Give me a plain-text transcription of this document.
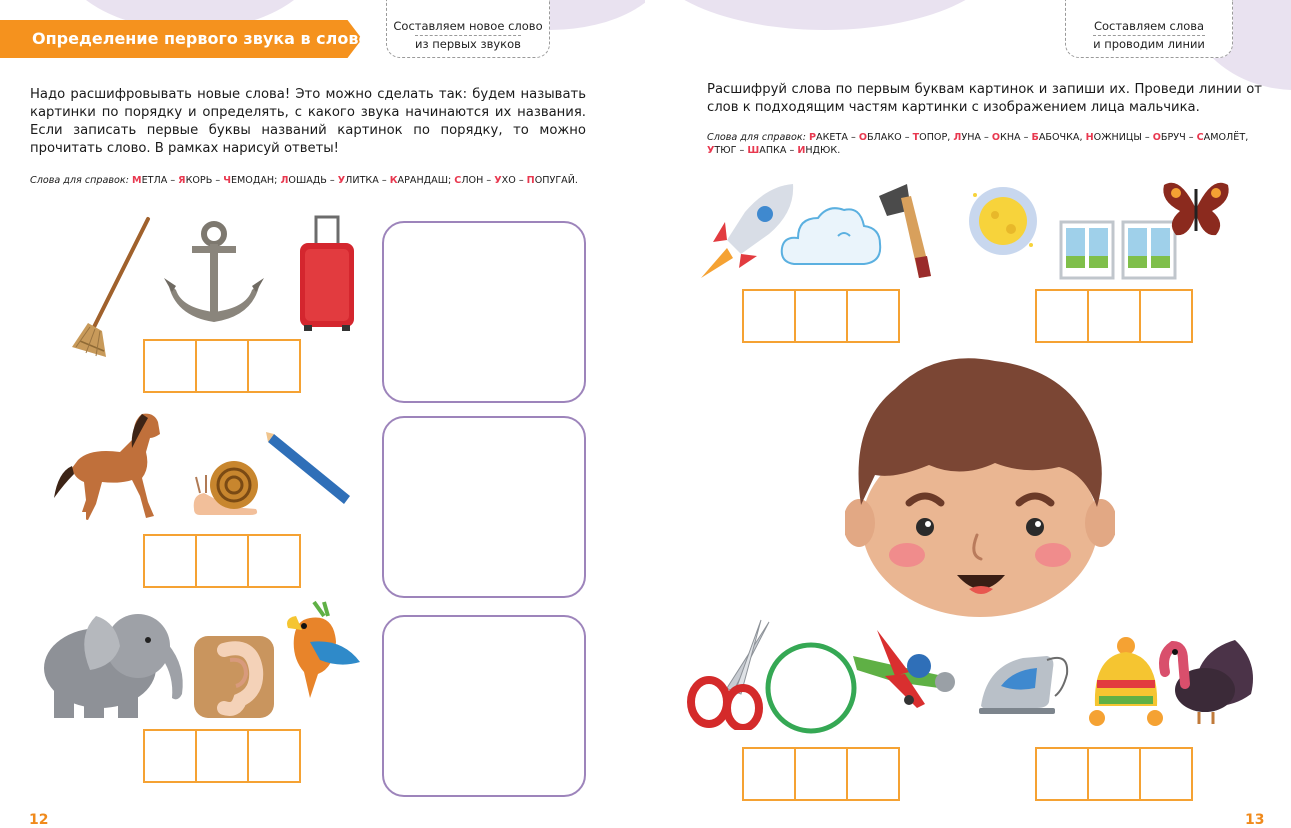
Определение первого звука в слове
Составляем новое слово
из первых звуков
Надо расшифровывать новые слова! Это можно сделать так: будем называть картинки по порядку и определять, с какого звука начинаются их названия. Если записать первые буквы названий картинок по порядку, то можно прочитать слово. В рамках нарисуй ответы!
Слова для справок: МЕТЛА – ЯКОРЬ – ЧЕМОДАН; ЛОШАДЬ – УЛИТКА – КАРАНДАШ; СЛОН – УХО – ПОПУГАЙ.
12
Составляем слова
и проводим линии
Расшифруй слова по первым буквам картинок и запиши их. Проведи линии от слов к подходящим частям картинки с изображением лица мальчика.
Слова для справок: РАКЕТА – ОБЛАКО – ТОПОР, ЛУНА – ОКНА – БАБОЧКА, НОЖНИЦЫ – ОБРУЧ – САМОЛЁТ, УТЮГ – ШАПКА – ИНДЮК.
13
